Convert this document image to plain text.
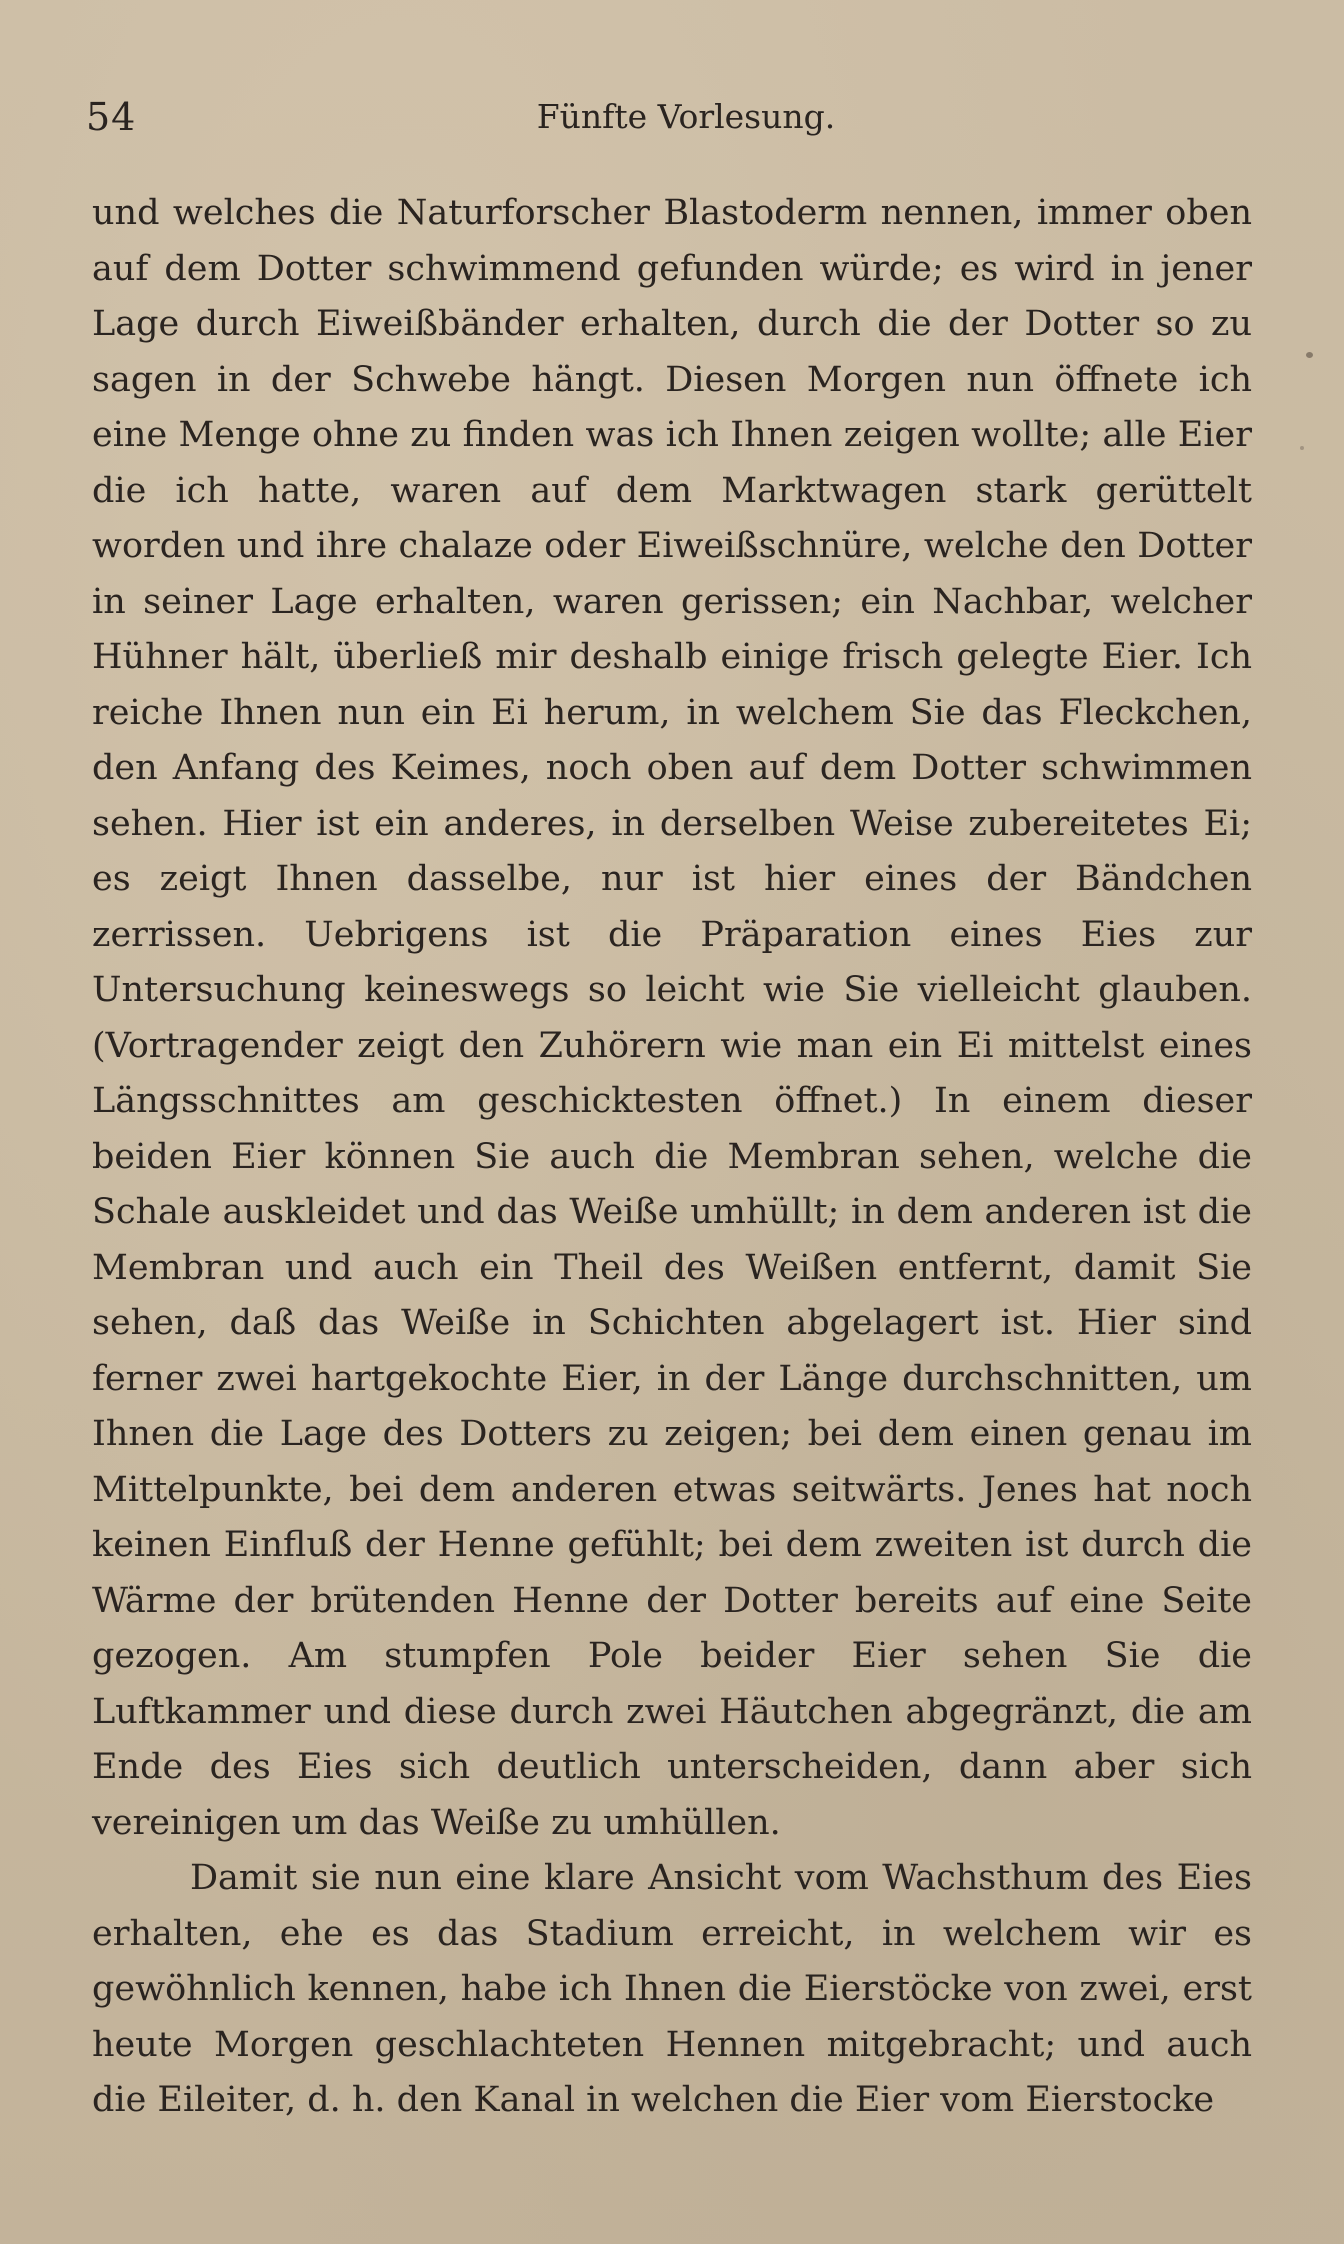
54	Fünfte Vorlesung.

und welches die Naturforscher Blastoderm nennen, immer oben auf dem Dotter schwimmend gefunden würde; es wird in jener Lage durch Eiweißbänder erhalten, durch die der Dotter so zu sagen in der Schwebe hängt. Diesen Morgen nun öffnete ich eine Menge ohne zu finden was ich Ihnen zeigen wollte; alle Eier die ich hatte, waren auf dem Marktwagen stark gerüttelt worden und ihre chalaze oder Eiweißschnüre, welche den Dotter in seiner Lage erhalten, waren gerissen; ein Nachbar, welcher Hühner hält, überließ mir deshalb einige frisch gelegte Eier. Ich reiche Ihnen nun ein Ei herum, in welchem Sie das Fleckchen, den Anfang des Keimes, noch oben auf dem Dotter schwimmen sehen. Hier ist ein anderes, in derselben Weise zubereitetes Ei; es zeigt Ihnen dasselbe, nur ist hier eines der Bändchen zerrissen. Uebrigens ist die Präparation eines Eies zur Untersuchung keineswegs so leicht wie Sie vielleicht glauben. (Vortragender zeigt den Zuhörern wie man ein Ei mittelst eines Längsschnittes am geschicktesten öffnet.) In einem dieser beiden Eier können Sie auch die Membran sehen, welche die Schale auskleidet und das Weiße umhüllt; in dem anderen ist die Membran und auch ein Theil des Weißen entfernt, damit Sie sehen, daß das Weiße in Schichten abgelagert ist. Hier sind ferner zwei hartgekochte Eier, in der Länge durchschnitten, um Ihnen die Lage des Dotters zu zeigen; bei dem einen genau im Mittelpunkte, bei dem anderen etwas seitwärts. Jenes hat noch keinen Einfluß der Henne gefühlt; bei dem zweiten ist durch die Wärme der brütenden Henne der Dotter bereits auf eine Seite gezogen. Am stumpfen Pole beider Eier sehen Sie die Luftkammer und diese durch zwei Häutchen abgegränzt, die am Ende des Eies sich deutlich unterscheiden, dann aber sich vereinigen um das Weiße zu umhüllen.

Damit sie nun eine klare Ansicht vom Wachsthum des Eies erhalten, ehe es das Stadium erreicht, in welchem wir es gewöhnlich kennen, habe ich Ihnen die Eierstöcke von zwei, erst heute Morgen geschlachteten Hennen mitgebracht; und auch die Eileiter, d. h. den Kanal in welchen die Eier vom Eierstocke
